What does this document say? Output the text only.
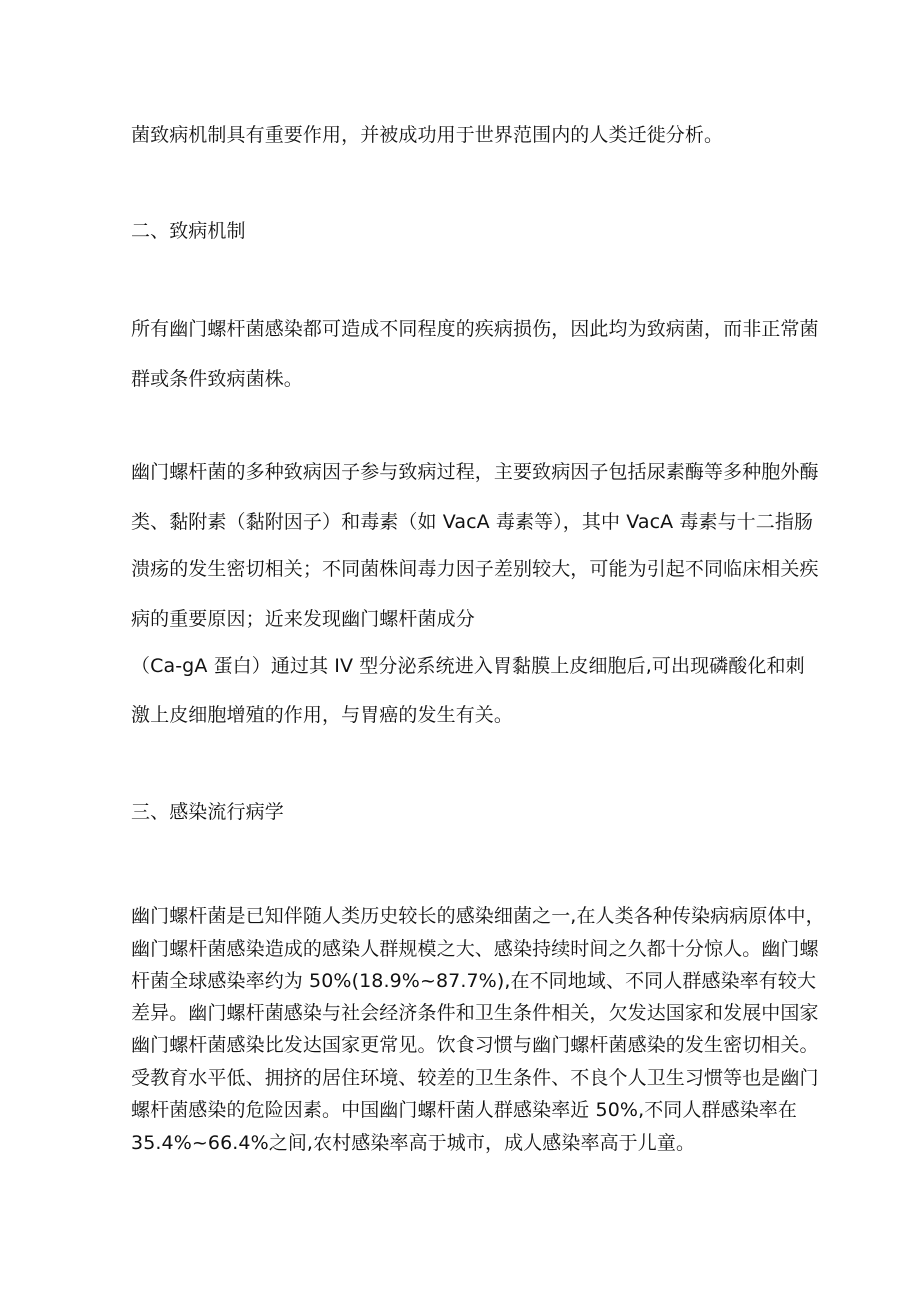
菌致病机制具有重要作用，并被成功用于世界范围内的人类迁徙分析。
二、致病机制
所有幽门螺杆菌感染都可造成不同程度的疾病损伤，因此均为致病菌，而非正常菌
群或条件致病菌株。
幽门螺杆菌的多种致病因子参与致病过程，主要致病因子包括尿素酶等多种胞外酶
类、黏附素（黏附因子）和毒素（如 VacA 毒素等），其中 VacA 毒素与十二指肠
溃疡的发生密切相关；不同菌株间毒力因子差别较大，可能为引起不同临床相关疾
病的重要原因；近来发现幽门螺杆菌成分
（Ca-gA 蛋白）通过其 IV 型分泌系统进入胃黏膜上皮细胞后,可出现磷酸化和刺
激上皮细胞增殖的作用，与胃癌的发生有关。
三、感染流行病学
幽门螺杆菌是已知伴随人类历史较长的感染细菌之一,在人类各种传染病病原体中，
幽门螺杆菌感染造成的感染人群规模之大、感染持续时间之久都十分惊人。幽门螺
杆菌全球感染率约为 50%(18.9%~87.7%),在不同地域、不同人群感染率有较大
差异。幽门螺杆菌感染与社会经济条件和卫生条件相关，欠发达国家和发展中国家
幽门螺杆菌感染比发达国家更常见。饮食习惯与幽门螺杆菌感染的发生密切相关。
受教育水平低、拥挤的居住环境、较差的卫生条件、不良个人卫生习惯等也是幽门
螺杆菌感染的危险因素。中国幽门螺杆菌人群感染率近 50%,不同人群感染率在
35.4%~66.4%之间,农村感染率高于城市，成人感染率高于儿童。
